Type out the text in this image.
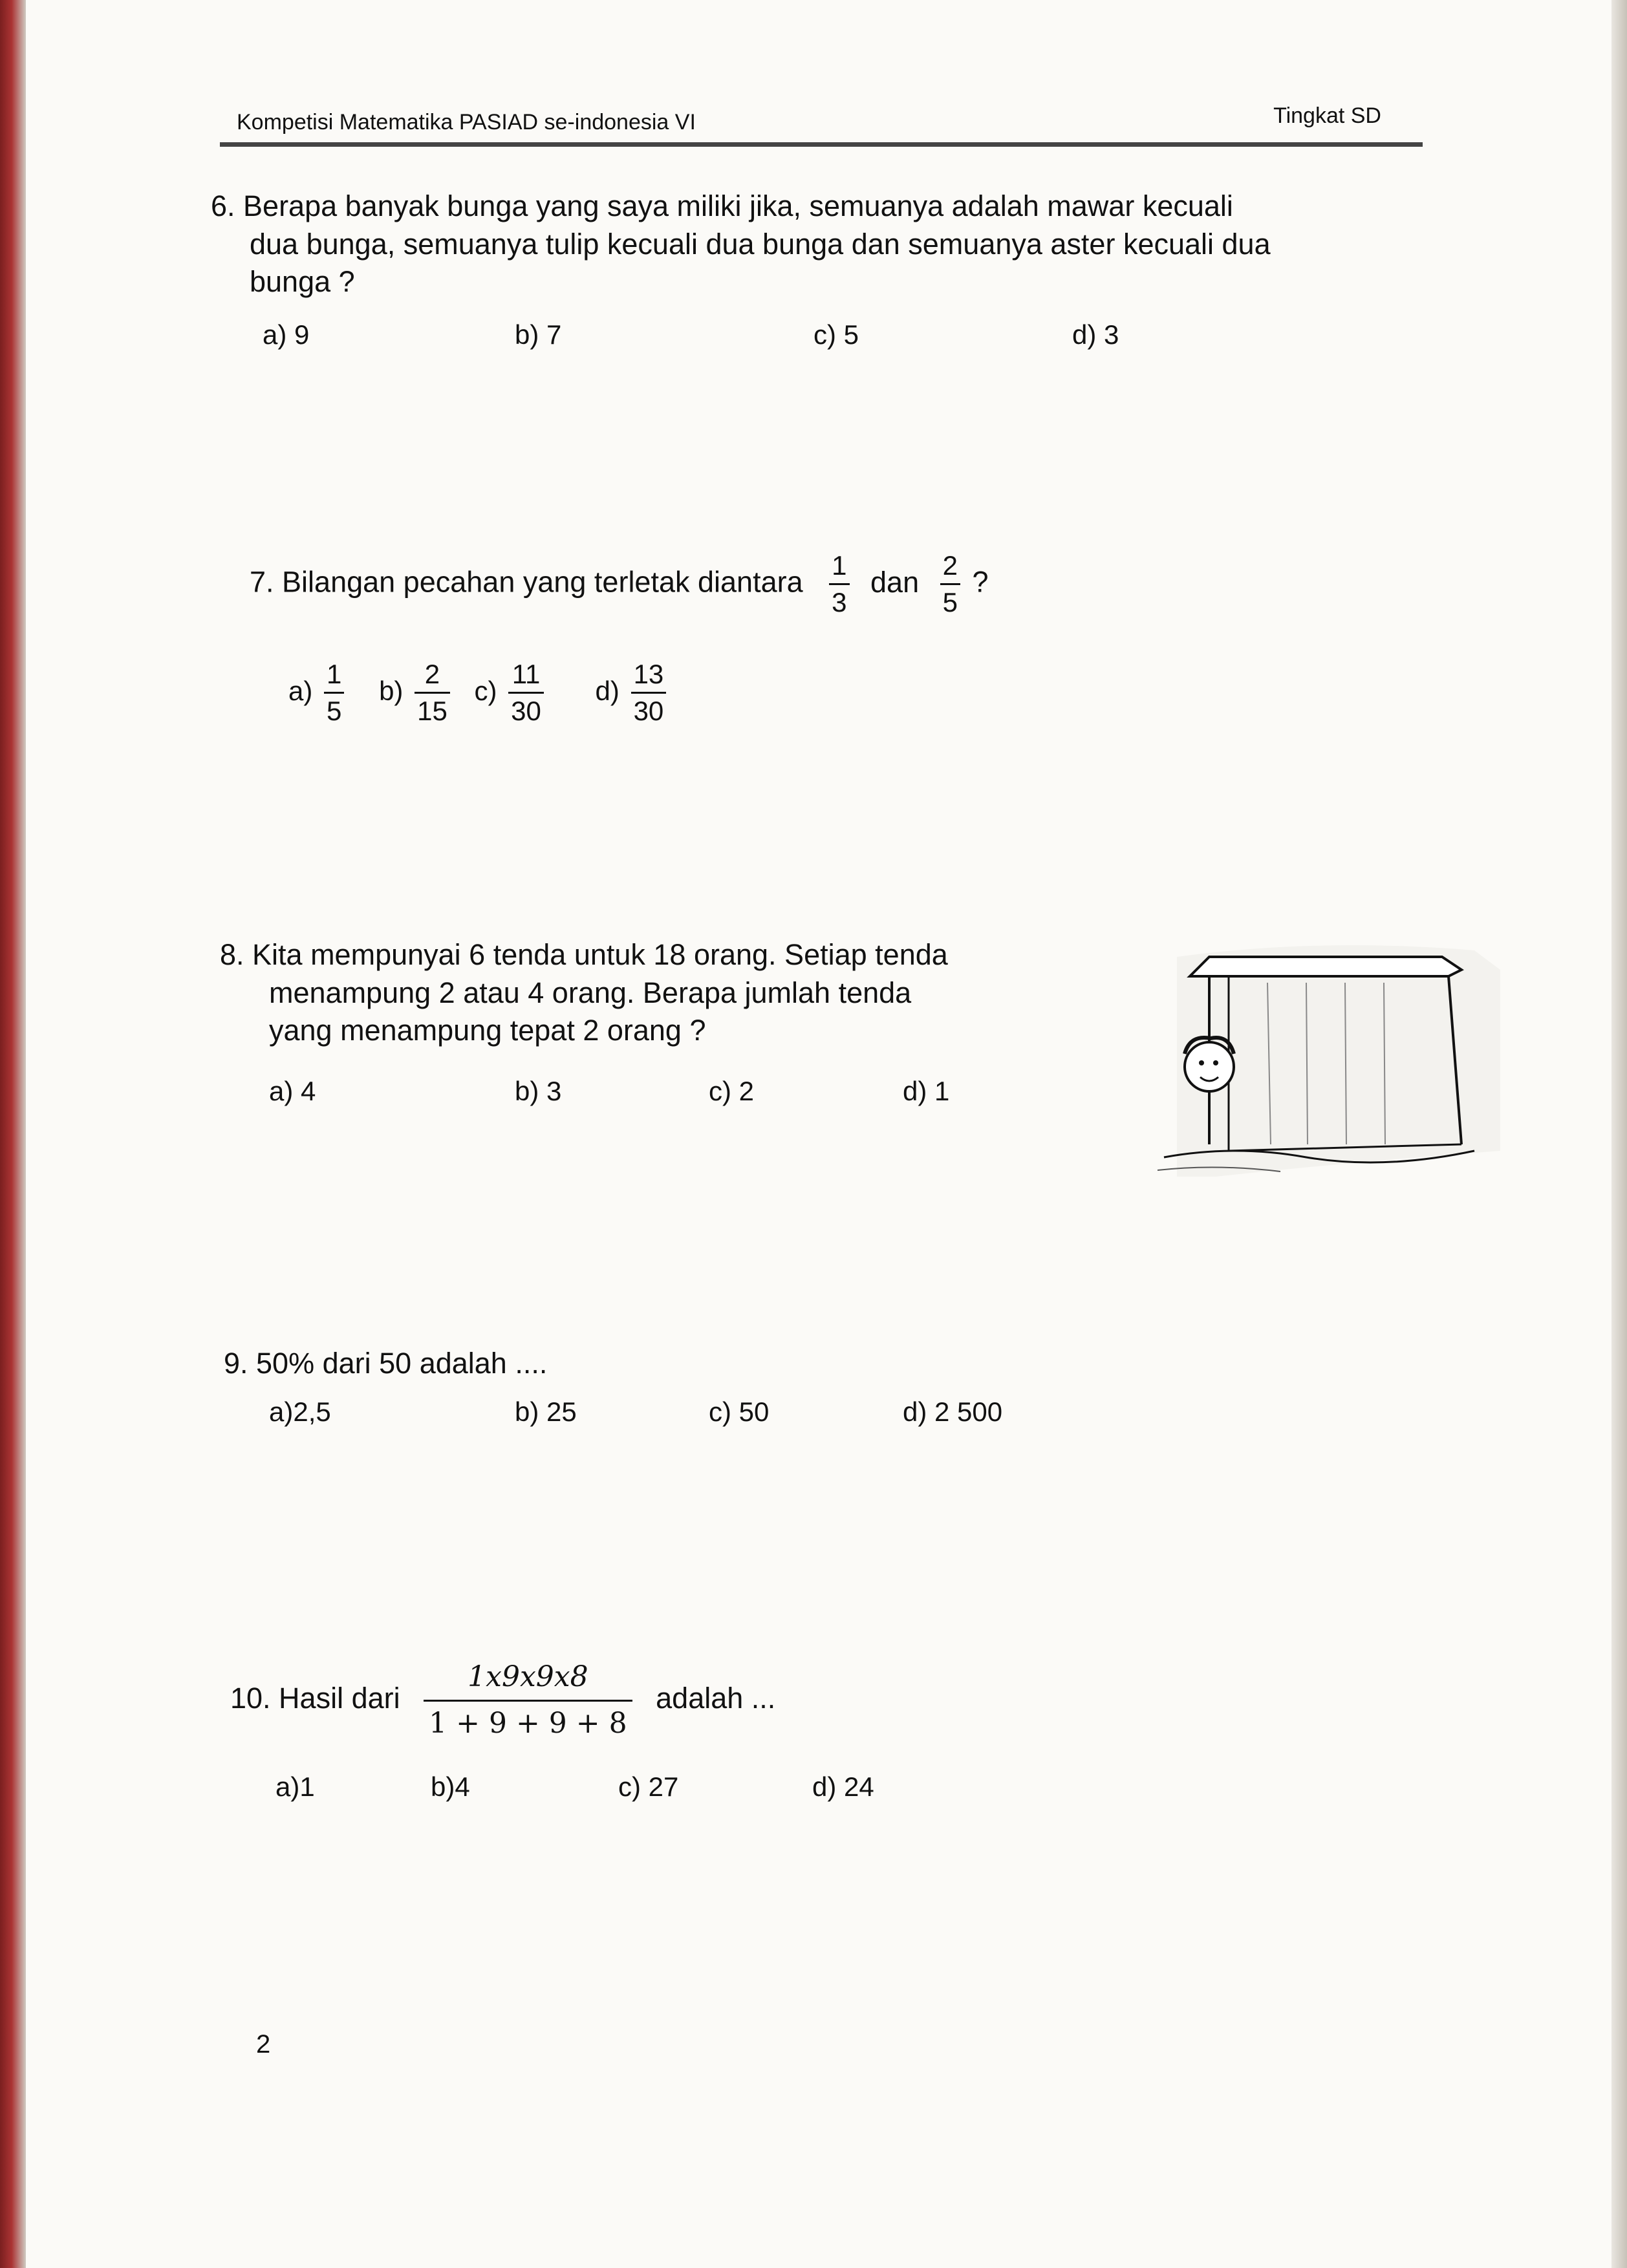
Kompetisi Matematika PASIAD se-indonesia VI	Tingkat SD
6. Berapa banyak bunga yang saya miliki jika, semuanya adalah mawar kecuali
dua bunga, semuanya tulip kecuali dua bunga dan semuanya aster kecuali dua
bunga ?
a) 9	b) 7	c) 5	d) 3
7. Bilangan pecahan yang terletak diantara $\frac{1}{3}$ dan $\frac{2}{5}$ ?
$a) \frac{1}{5} b) \frac{2}{15} c) \frac{11}{30} d) \frac{13}{30}$
8. Kita mempunyai 6 tenda untuk 18 orang. Setiap tenda
menampung 2 atau 4 orang. Berapa jumlah tenda
yang menampung tepat 2 orang ?
a) 4	b) 3	c) 2	d) 1
9. 50% dari 50 adalah ....
a)2,5	b) 25	c) 50	d) 2 500
10. Hasil dari $\frac{1x9x9x8}{1 + 9 + 9 + 8}$ adalah ...
a)1	b)4	c) 27	d) 24
2
